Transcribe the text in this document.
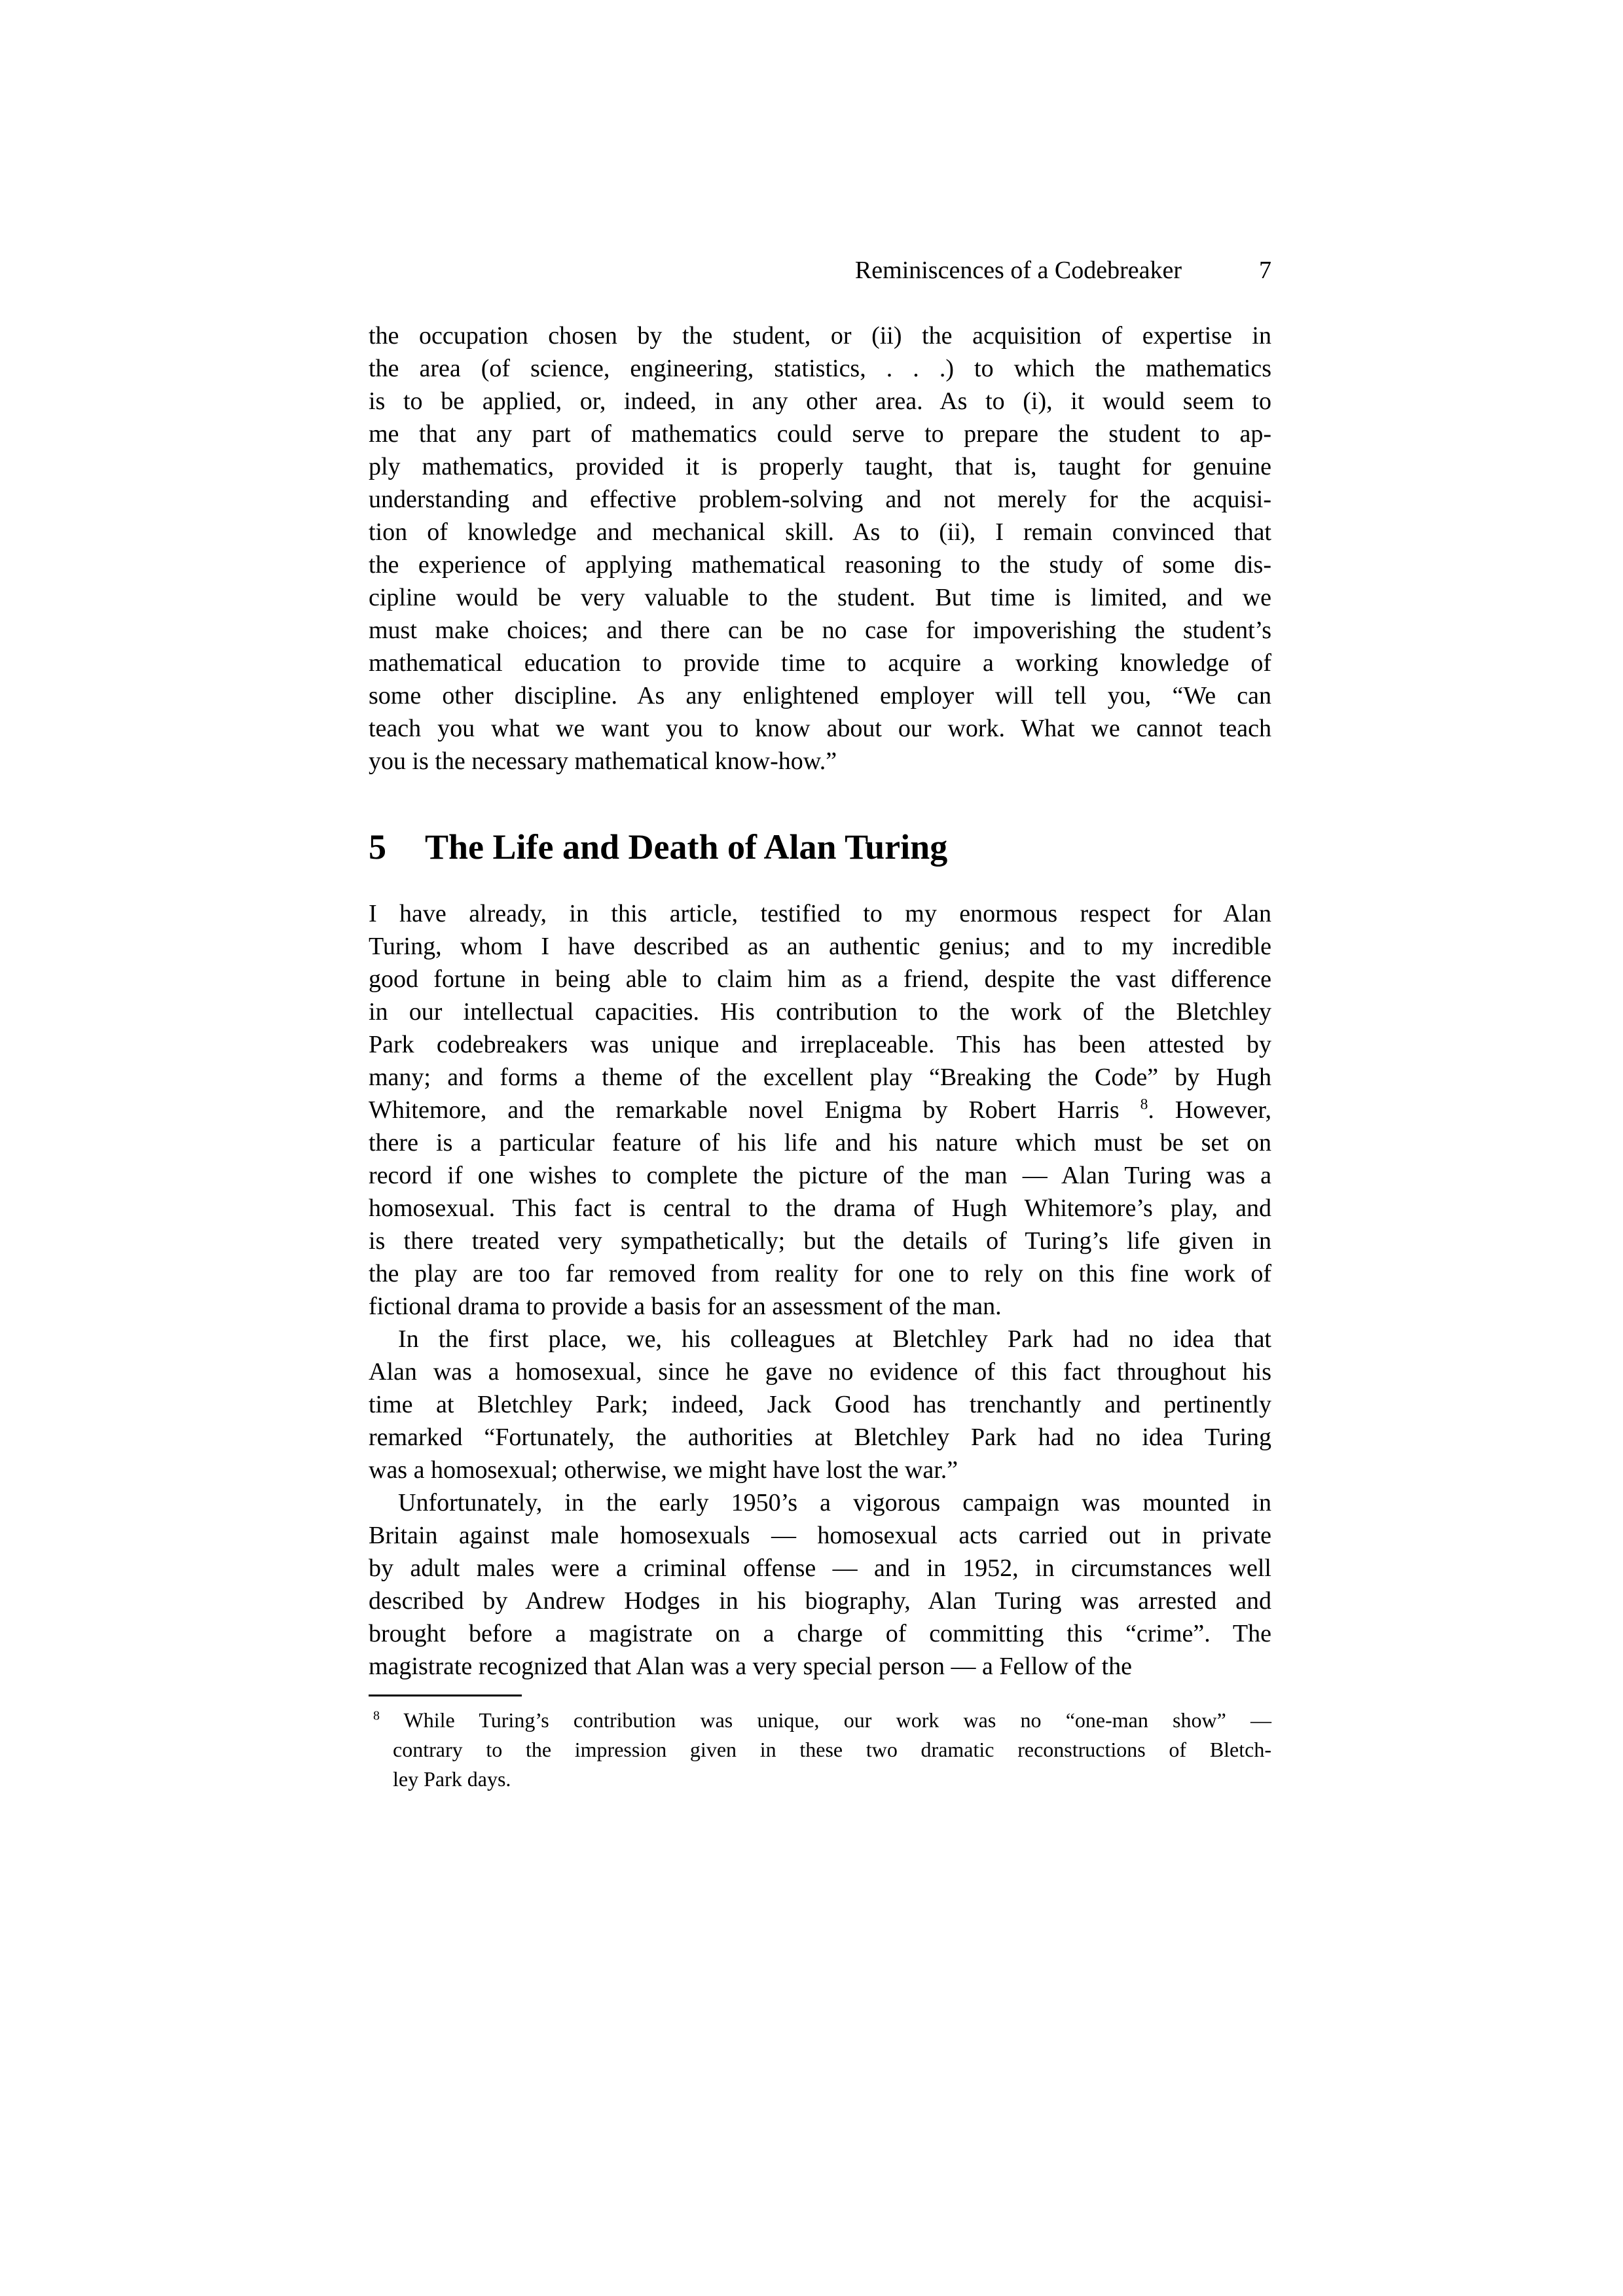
Reminiscences of a Codebreaker	7
the occupation chosen by the student, or (ii) the acquisition of expertise in
the area (of science, engineering, statistics, . . .) to which the mathematics
is to be applied, or, indeed, in any other area. As to (i), it would seem to
me that any part of mathematics could serve to prepare the student to ap-
ply mathematics, provided it is properly taught, that is, taught for genuine
understanding and effective problem-solving and not merely for the acquisi-
tion of knowledge and mechanical skill. As to (ii), I remain convinced that
the experience of applying mathematical reasoning to the study of some dis-
cipline would be very valuable to the student. But time is limited, and we
must make choices; and there can be no case for impoverishing the student’s
mathematical education to provide time to acquire a working knowledge of
some other discipline. As any enlightened employer will tell you, “We can
teach you what we want you to know about our work. What we cannot teach
you is the necessary mathematical know-how.”
5	The Life and Death of Alan Turing
I have already, in this article, testified to my enormous respect for Alan
Turing, whom I have described as an authentic genius; and to my incredible
good fortune in being able to claim him as a friend, despite the vast difference
in our intellectual capacities. His contribution to the work of the Bletchley
Park codebreakers was unique and irreplaceable. This has been attested by
many; and forms a theme of the excellent play “Breaking the Code” by Hugh
Whitemore, and the remarkable novel Enigma by Robert Harris $^8$. However,
there is a particular feature of his life and his nature which must be set on
record if one wishes to complete the picture of the man — Alan Turing was a
homosexual. This fact is central to the drama of Hugh Whitemore’s play, and
is there treated very sympathetically; but the details of Turing’s life given in
the play are too far removed from reality for one to rely on this fine work of
fictional drama to provide a basis for an assessment of the man.
In the first place, we, his colleagues at Bletchley Park had no idea that
Alan was a homosexual, since he gave no evidence of this fact throughout his
time at Bletchley Park; indeed, Jack Good has trenchantly and pertinently
remarked “Fortunately, the authorities at Bletchley Park had no idea Turing
was a homosexual; otherwise, we might have lost the war.”
Unfortunately, in the early 1950’s a vigorous campaign was mounted in
Britain against male homosexuals — homosexual acts carried out in private
by adult males were a criminal offense — and in 1952, in circumstances well
described by Andrew Hodges in his biography, Alan Turing was arrested and
brought before a magistrate on a charge of committing this “crime”. The
magistrate recognized that Alan was a very special person — a Fellow of the
$^8$ While Turing’s contribution was unique, our work was no “one-man show” —
contrary to the impression given in these two dramatic reconstructions of Bletch-
ley Park days.
